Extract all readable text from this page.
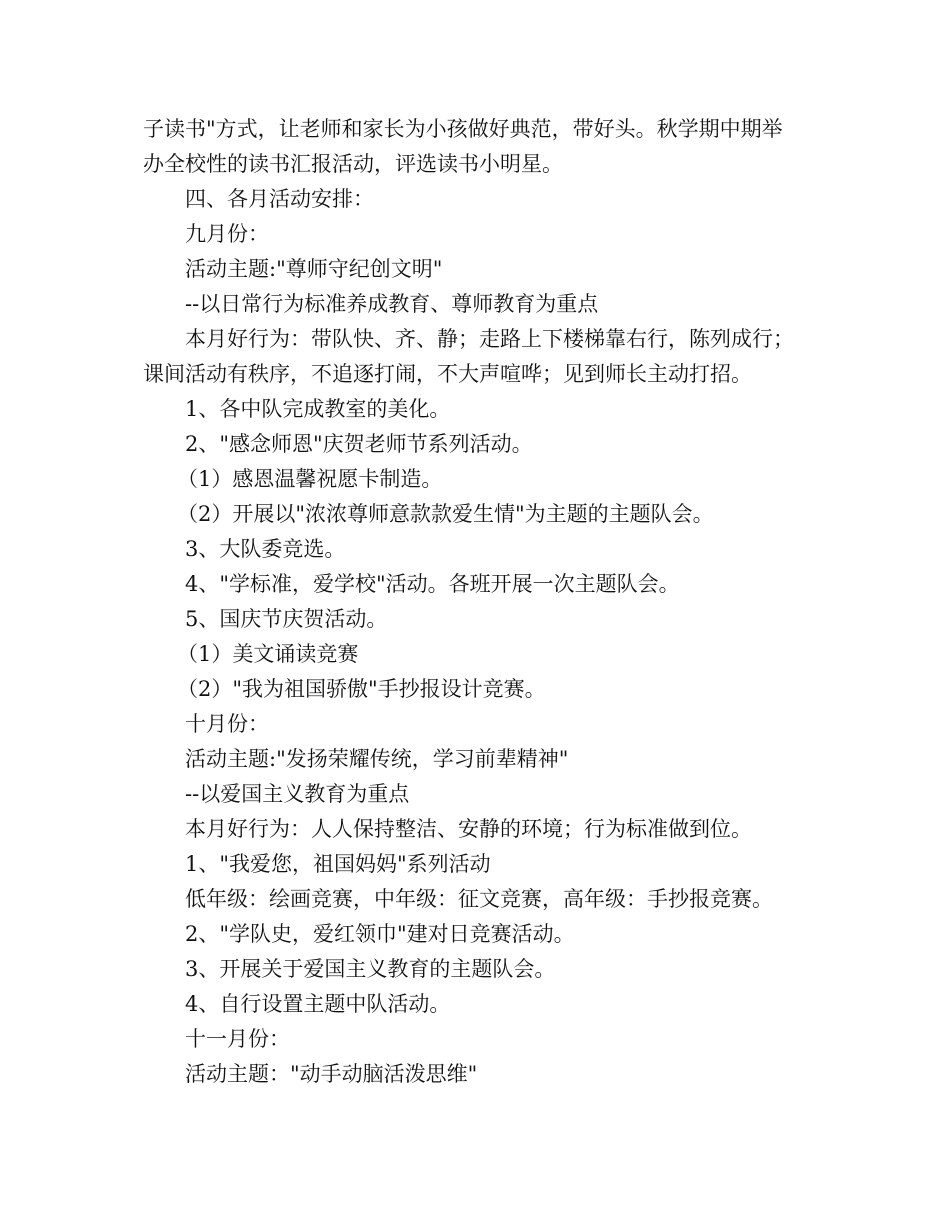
子读书"方式，让老师和家长为小孩做好典范，带好头。秋学期中期举
办全校性的读书汇报活动，评选读书小明星。
四、各月活动安排：
九月份：
活动主题:"尊师守纪创文明"
--以日常行为标准养成教育、尊师教育为重点
本月好行为：带队快、齐、静；走路上下楼梯靠右行，陈列成行；
课间活动有秩序，不追逐打闹，不大声喧哗；见到师长主动打招。
1、各中队完成教室的美化。
2、"感念师恩"庆贺老师节系列活动。
（1）感恩温馨祝愿卡制造。
（2）开展以"浓浓尊师意款款爱生情"为主题的主题队会。
3、大队委竞选。
4、"学标准，爱学校"活动。各班开展一次主题队会。
5、国庆节庆贺活动。
（1）美文诵读竞赛
（2）"我为祖国骄傲"手抄报设计竞赛。
十月份：
活动主题:"发扬荣耀传统，学习前辈精神"
--以爱国主义教育为重点
本月好行为：人人保持整洁、安静的环境；行为标准做到位。
1、"我爱您，祖国妈妈"系列活动
低年级：绘画竞赛，中年级：征文竞赛，高年级：手抄报竞赛。
2、"学队史，爱红领巾"建对日竞赛活动。
3、开展关于爱国主义教育的主题队会。
4、自行设置主题中队活动。
十一月份：
活动主题："动手动脑活泼思维"
